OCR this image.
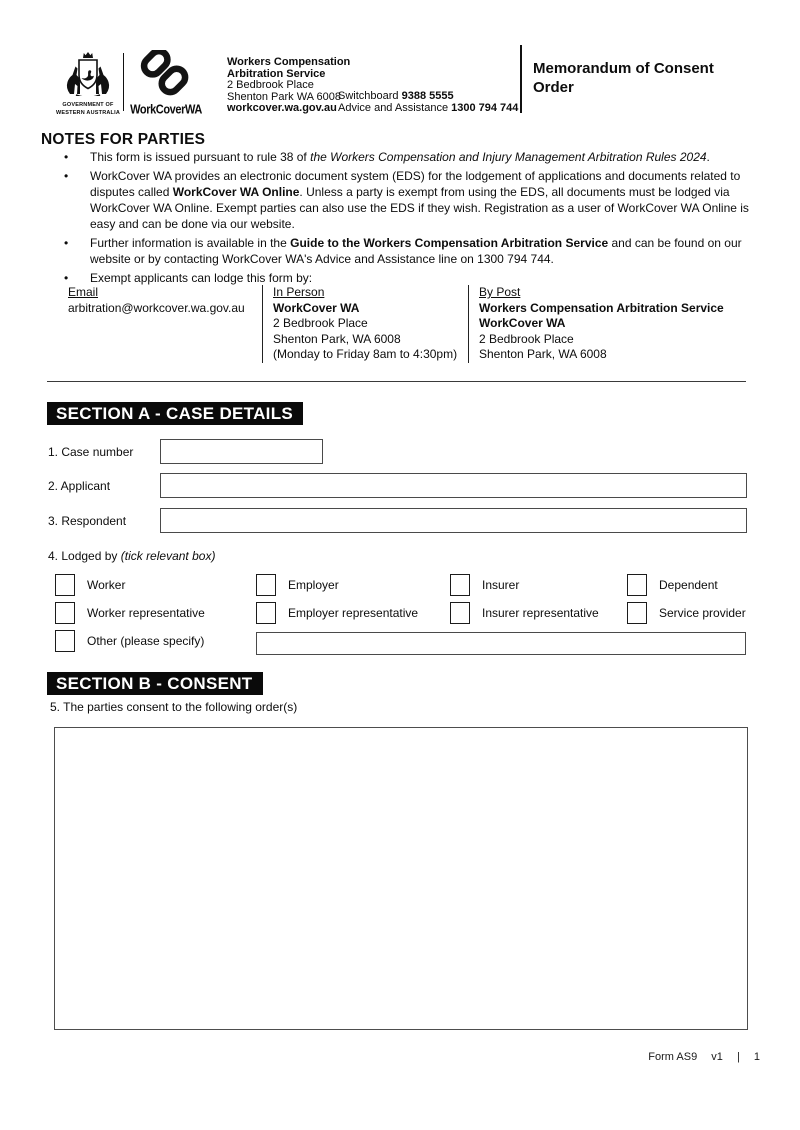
GOVERNMENT OF
WESTERN AUSTRALIA WorkCoverWA
Workers Compensation
Arbitration Service
2 Bedbrook Place
Shenton Park WA 6008
workcover.wa.gov.au
Switchboard 9388 5555
Advice and Assistance 1300 794 744
Memorandum of Consent
Order
NOTES FOR PARTIES
•
This form is issued pursuant to rule 38 of the Workers Compensation and Injury Management Arbitration Rules 2024.
•
WorkCover WA provides an electronic document system (EDS) for the lodgement of applications and documents related to disputes called WorkCover WA Online. Unless a party is exempt from using the EDS, all documents must be lodged via WorkCover WA Online. Exempt parties can also use the EDS if they wish. Registration as a user of WorkCover WA Online is easy and can be done via our website.
•
Further information is available in the Guide to the Workers Compensation Arbitration Service and can be found on our website or by contacting WorkCover WA's Advice and Assistance line on 1300 794 744.
•
Exempt applicants can lodge this form by:
Email
arbitration@workcover.wa.gov.au
In Person
WorkCover WA
2 Bedbrook Place
Shenton Park, WA 6008
(Monday to Friday 8am to 4:30pm)
By Post
Workers Compensation Arbitration Service
WorkCover WA
2 Bedbrook Place
Shenton Park, WA 6008
SECTION A - CASE DETAILS
1. Case number
2. Applicant
3. Respondent
4. Lodged by (tick relevant box)
Worker	Employer	Insurer	Dependent
Worker representative	Employer representative	Insurer representative	Service provider
Other (please specify)
SECTION B - CONSENT
5. The parties consent to the following order(s)
Form AS9 v1 | 1
